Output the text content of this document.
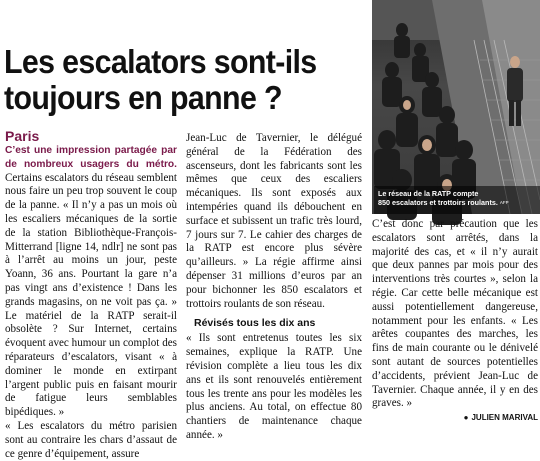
Le réseau de la RATP compte
850 escalators et trottoirs roulants. $^{AFP}$
Les escalators sont-ils
toujours en panne ?
Paris

C’est une impression partagée par de nombreux usagers du métro. Certains escalators du réseau semblent nous faire un peu trop souvent le coup de la panne. « Il n’y a pas un mois où les escaliers mécaniques de la sortie de la station Bibliothèque-François-Mitterrand [ligne 14, ndlr] ne sont pas à l’arrêt au moins un jour, peste Yoann, 36 ans. Pourtant la gare n’a pas vingt ans d’existence ! Dans les grands magasins, on ne voit pas ça. » Le matériel de la RATP serait-il obsolète ? Sur Internet, certains évoquent avec humour un complot des réparateurs d’escalators, visant « à dominer le monde en extirpant l’argent public puis en faisant mourir de fatigue leurs semblables bipédiques. »

« Les escalators du métro parisien sont au contraire les chars d’assaut de ce genre d’équipement, assure

Jean-Luc de Tavernier, le délégué général de la Fédération des ascenseurs, dont les fabricants sont les mêmes que ceux des escaliers mécaniques. Ils sont exposés aux intempéries quand ils débouchent en surface et subissent un trafic très lourd, 7 jours sur 7. Le cahier des charges de la RATP est encore plus sévère qu’ailleurs. » La régie affirme ainsi dépenser 31 millions d’euros par an pour bichonner les 850 escalators et trottoirs roulants de son réseau.

Révisés tous les dix ans

« Ils sont entretenus toutes les six semaines, explique la RATP. Une révision complète a lieu tous les dix ans et ils sont renouvelés entièrement tous les trente ans pour les modèles les plus anciens. Au total, on effectue 80 chantiers de maintenance chaque année. »

C’est donc par précaution que les escalators sont arrêtés, dans la majorité des cas, et « il n’y aurait que deux pannes par mois pour des interventions très courtes », selon la régie. Car cette belle mécanique est aussi potentiellement dangereuse, notamment pour les enfants. « Les arêtes coupantes des marches, les fins de main courante ou le dénivelé sont autant de sources potentielles d’accidents, prévient Jean-Luc de Tavernier. Chaque année, il y en des graves. »

● JULIEN MARIVAL
